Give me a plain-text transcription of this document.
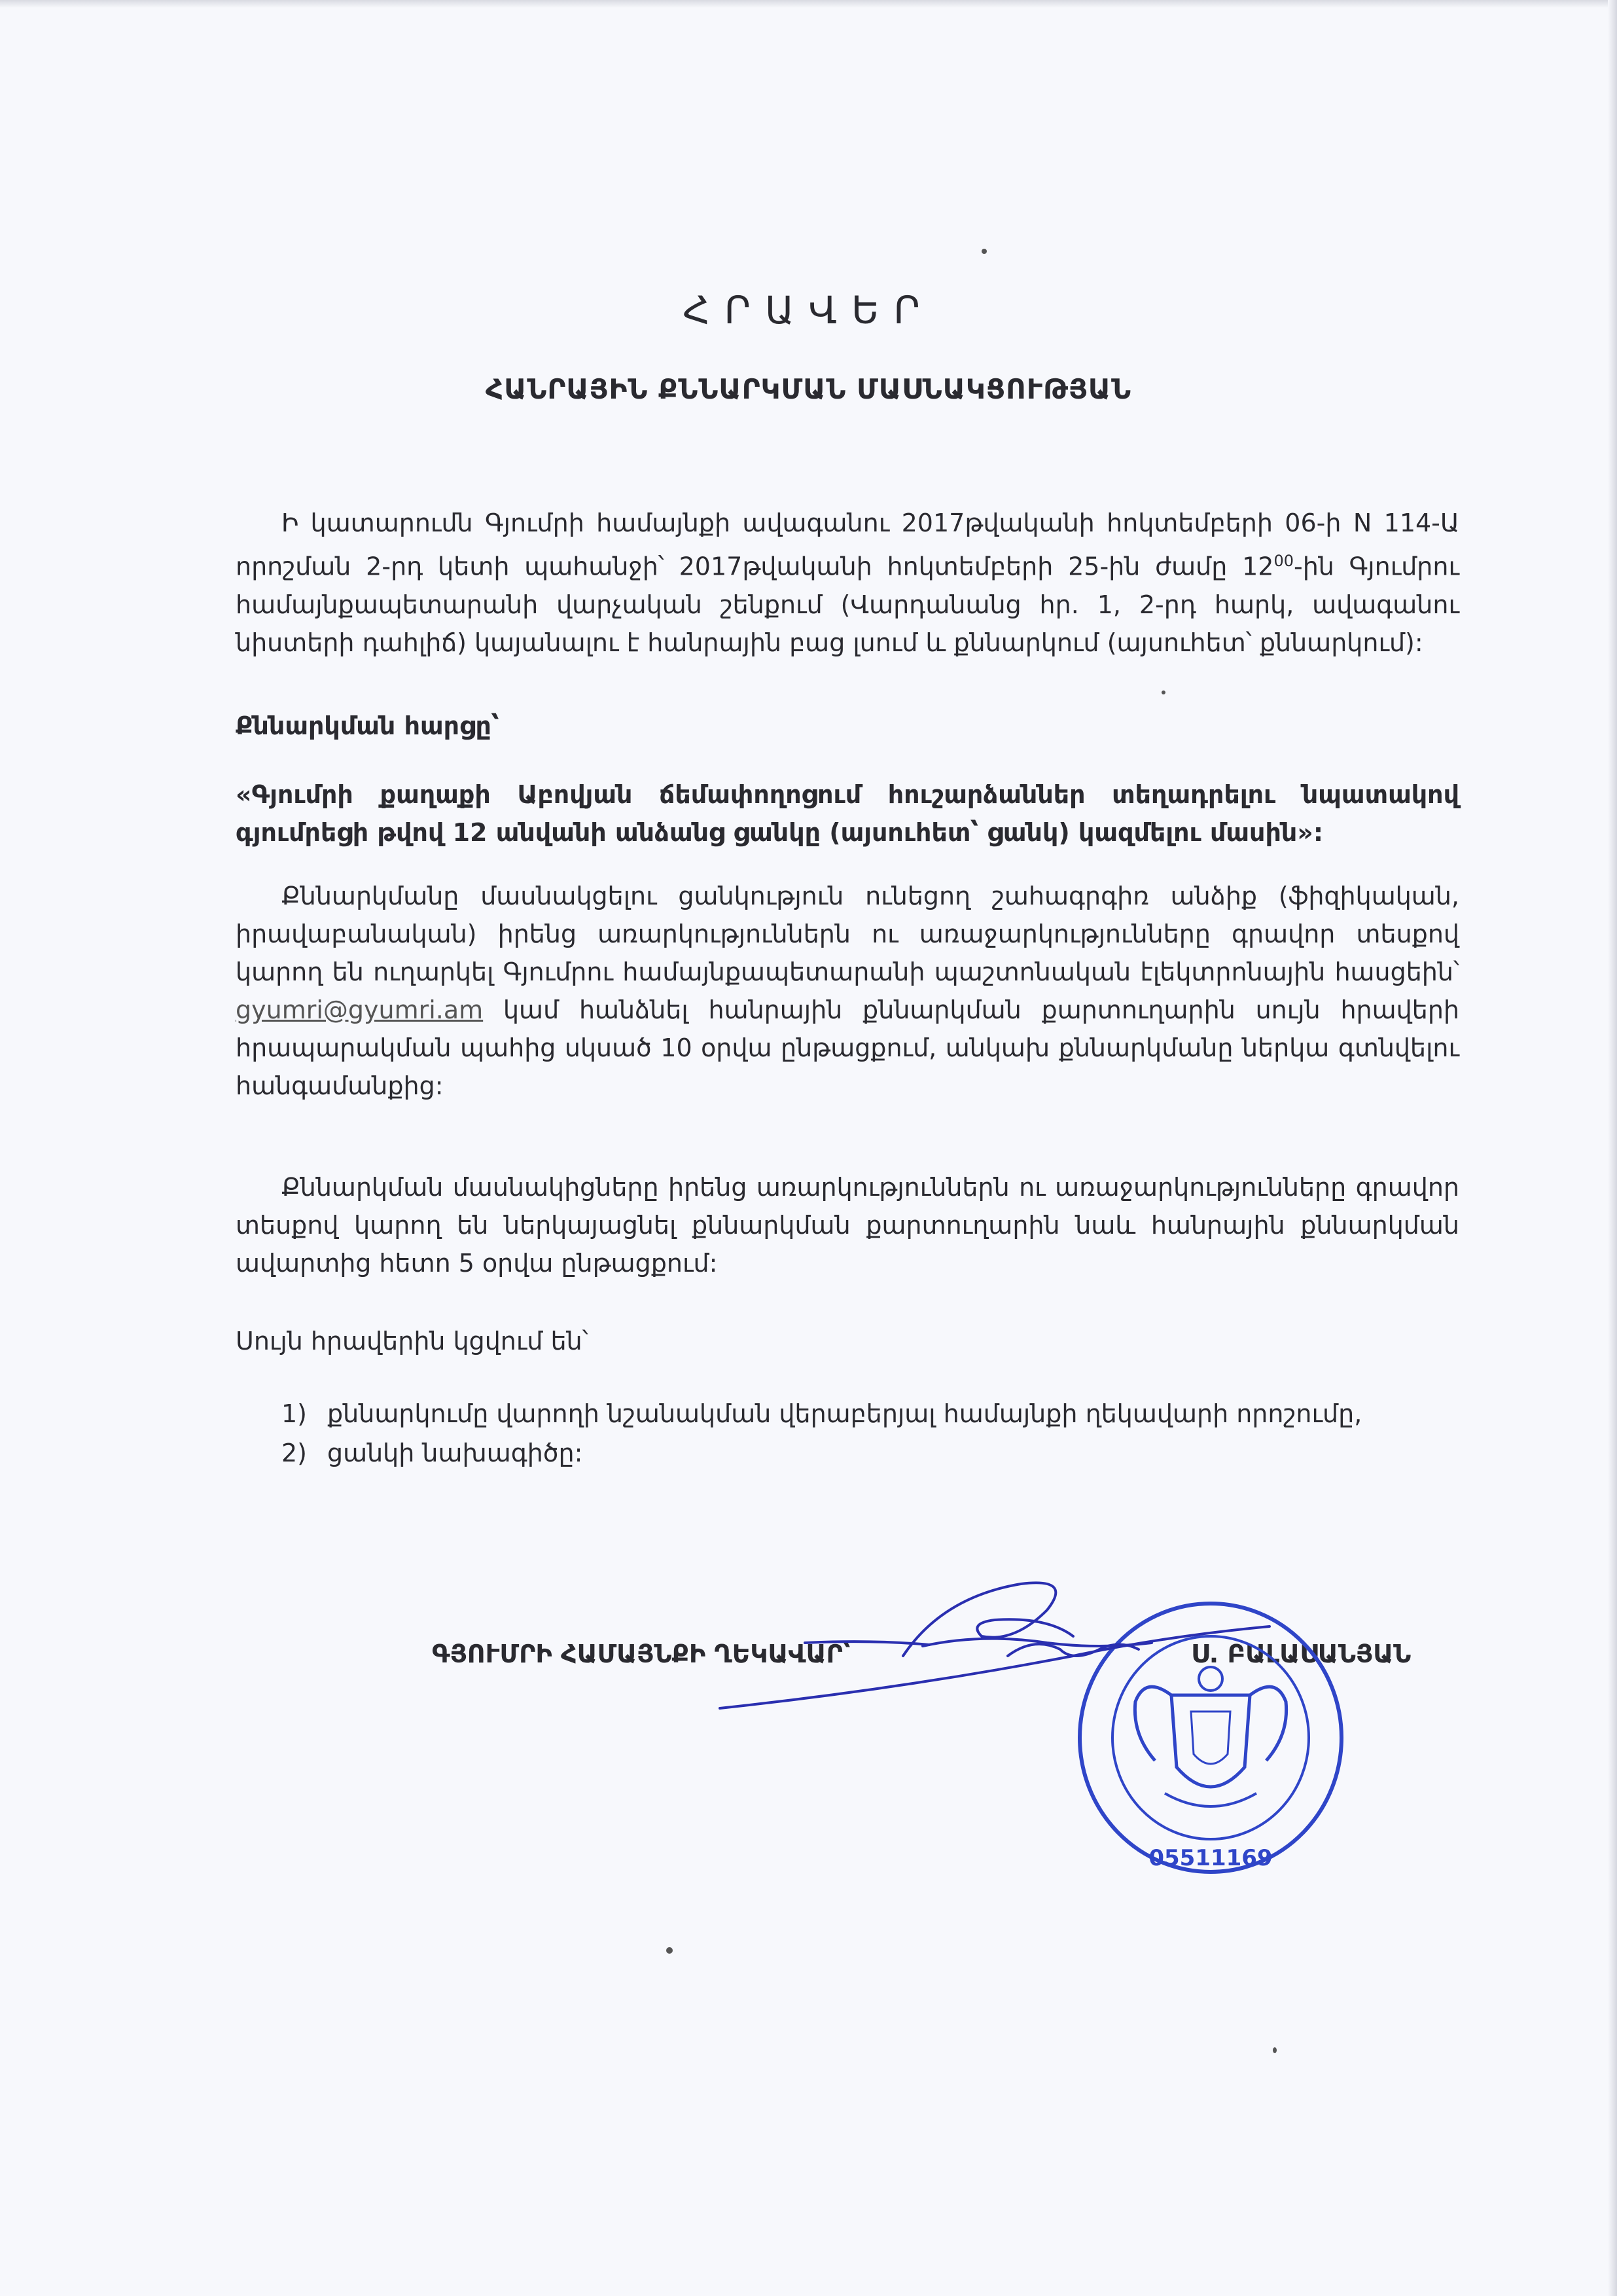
ՀՐԱՎԵՐ
ՀԱՆՐԱՅԻՆ ՔՆՆԱՐԿՄԱՆ ՄԱՍՆԱԿՑՈՒԹՅԱՆ
Ի կատարումն Գյումրի համայնքի ավագանու 2017թվականի հոկտեմբերի 06-ի N 114-Ա որոշման 2-րդ կետի պահանջի՝ 2017թվականի հոկտեմբերի 25-ին ժամը $12^{00}-ին$ Գյումրու համայնքապետարանի վարչական շենքում (Վարդանանց հր. 1, 2-րդ հարկ, ավագանու նիստերի դահլիճ) կայանալու է հանրային բաց լսում և քննարկում (այսուհետ՝ քննարկում):
Քննարկման հարցը՝
«Գյումրի քաղաքի Աբովյան ճեմափողոցում հուշարձաններ տեղադրելու նպատակով գյումրեցի թվով 12 անվանի անձանց ցանկը (այսուհետ՝ ցանկ) կազմելու մասին»:
Քննարկմանը մասնակցելու ցանկություն ունեցող շահագրգիռ անձիք (ֆիզիկական, իրավաբանական) իրենց առարկություններն ու առաջարկությունները գրավոր տեսքով կարող են ուղարկել Գյումրու համայնքապետարանի պաշտոնական էլեկտրոնային հասցեին՝ gyumri@gyumri.am կամ հանձնել հանրային քննարկման քարտուղարին սույն հրավերի հրապարակման պահից սկսած 10 օրվա ընթացքում, անկախ քննարկմանը ներկա գտնվելու հանգամանքից:
Քննարկման մասնակիցները իրենց առարկություններն ու առաջարկությունները գրավոր տեսքով կարող են ներկայացնել քննարկման քարտուղարին նաև հանրային քննարկման ավարտից հետո 5 օրվա ընթացքում:
Սույն հրավերին կցվում են՝
1) քննարկումը վարողի նշանակման վերաբերյալ համայնքի ղեկավարի որոշումը,
2) ցանկի նախագիծը:
ԳՅՈՒՄՐԻ ՀԱՄԱՅՆՔԻ ՂԵԿԱՎԱՐ՝	Ս. ԲԱԼԱՍԱՆՅԱՆ
05511169
